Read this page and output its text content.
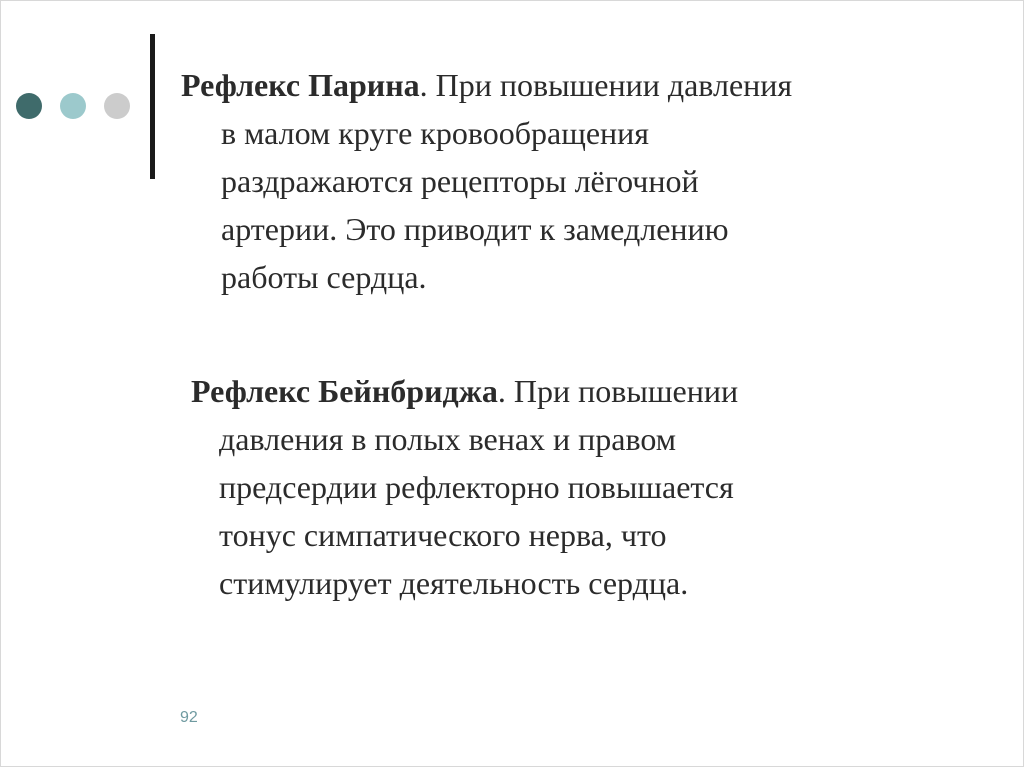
Рефлекс Парина. При повышении давления
в малом круге кровообращения
раздражаются рецепторы лёгочной
артерии. Это приводит к замедлению
работы сердца.

Рефлекс Бейнбриджа. При повышении
давления в полых венах и правом
предсердии рефлекторно повышается
тонус симпатического нерва, что
стимулирует деятельность сердца.

92
